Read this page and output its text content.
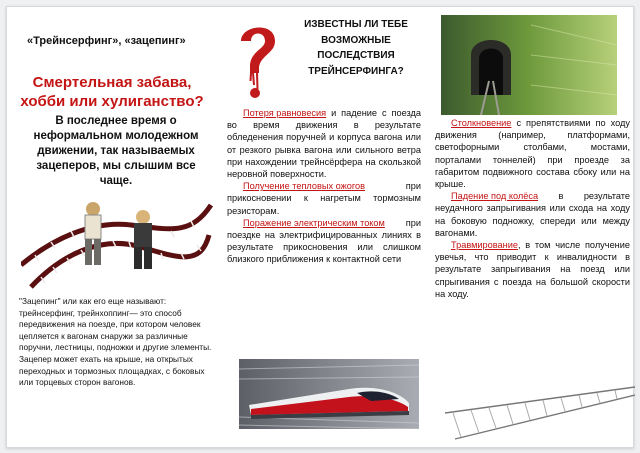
«Трейнсерфинг», «зацепинг»
Смертельная забава,
хобби или хулиганство?
В последнее время о неформальном молодежном движении, так называемых зацеперов, мы слышим все чаще.
"Зацепинг" или как его еще называют: трейнсерфинг, трейнхоппинг— это способ передвижения на поезде, при котором человек цепляется к вагонам снаружи за различные поручни, лестницы, подножки и другие элементы. Зацепер может ехать на крыше, на открытых переходных и тормозных площадках, с боковых или торцевых сторон вагонов.
ИЗВЕСТНЫ ЛИ ТЕБЕ
ВОЗМОЖНЫЕ
ПОСЛЕДСТВИЯ
ТРЕЙНСЕРФИНГА?
Потеря равновесия и падение с поезда во время движения в результате обледенения поручней и корпуса вагона или от резкого рывка вагона или сильного ветра при нахождении трейнсёрфера на скользкой неровной поверхности.
Получение тепловых ожогов	при прикосновении к нагретым тормозным резисторам.
Поражение электрическим током при поездке на электрифицированных линиях в результате прикосновения или слишком близкого приближения к контактной сети
Столкновение с препятствиями по ходу движения (например, платформами, светофорными столбами, мостами, порталами тоннелей) при проезде за габаритом подвижного состава сбоку или на крыше.
Падение под колёса в результате неудачного запрыгивания или схода на ходу на боковую подножку, спереди или между вагонами.
Травмирование, в том числе получение увечья, что приводит к инвалидности в результате запрыгивания на поезд или спрыгивания с поезда на большой скорости на ходу.
